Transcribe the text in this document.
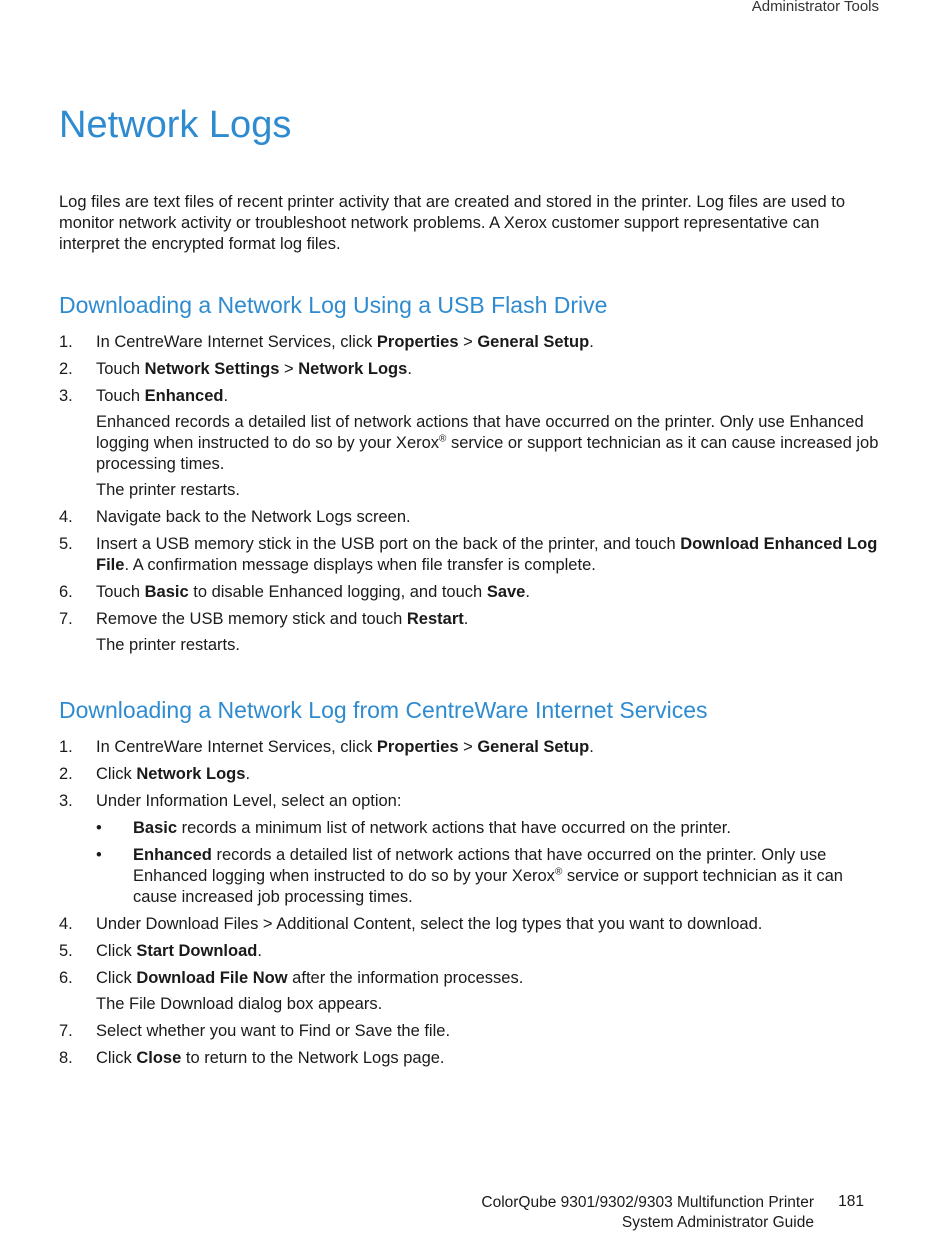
Administrator Tools
Network Logs

Log files are text files of recent printer activity that are created and stored in the printer. Log files are used to monitor network activity or troubleshoot network problems. A Xerox customer support representative can interpret the encrypted format log files.

Downloading a Network Log Using a USB Flash Drive
1. In CentreWare Internet Services, click Properties > General Setup.
2. Touch Network Settings > Network Logs.
3. Touch Enhanced.
Enhanced records a detailed list of network actions that have occurred on the printer. Only use Enhanced logging when instructed to do so by your Xerox® service or support technician as it can cause increased job processing times.
The printer restarts.
4. Navigate back to the Network Logs screen.
5. Insert a USB memory stick in the USB port on the back of the printer, and touch Download Enhanced Log File. A confirmation message displays when file transfer is complete.
6. Touch Basic to disable Enhanced logging, and touch Save.
7. Remove the USB memory stick and touch Restart.
The printer restarts.
Downloading a Network Log from CentreWare Internet Services
1. In CentreWare Internet Services, click Properties > General Setup.
2. Click Network Logs.
3. Under Information Level, select an option:
• Basic records a minimum list of network actions that have occurred on the printer.
• Enhanced records a detailed list of network actions that have occurred on the printer. Only use Enhanced logging when instructed to do so by your Xerox® service or support technician as it can cause increased job processing times.
4. Under Download Files > Additional Content, select the log types that you want to download.
5. Click Start Download.
6. Click Download File Now after the information processes.
The File Download dialog box appears.
7. Select whether you want to Find or Save the file.
8. Click Close to return to the Network Logs page.
ColorQube 9301/9302/9303 Multifunction Printer
System Administrator Guide
181
